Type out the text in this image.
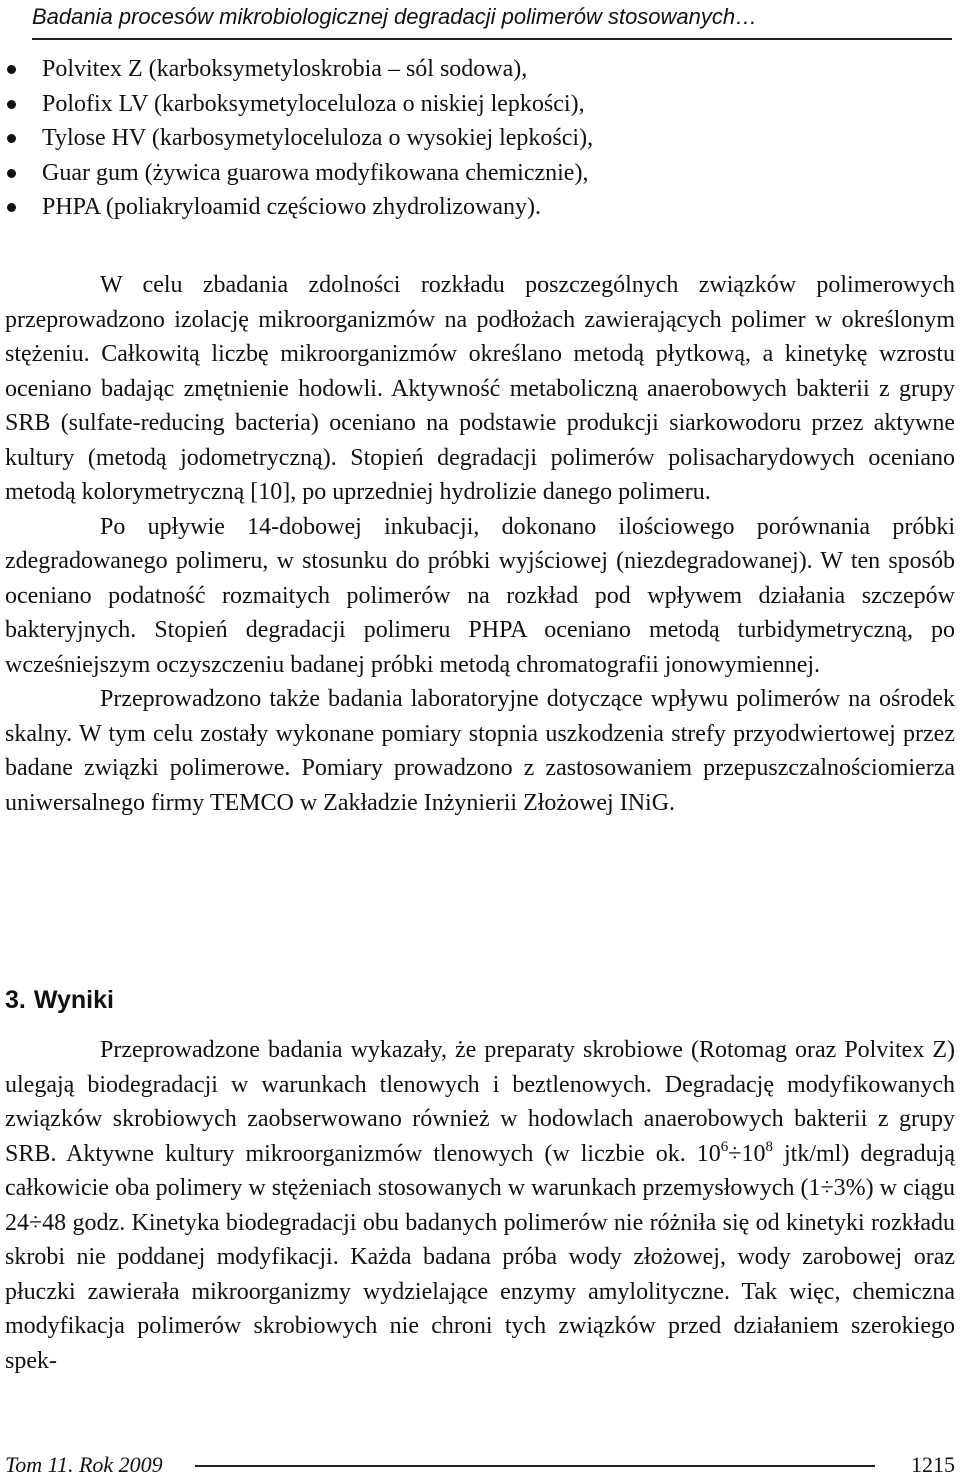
Badania procesów mikrobiologicznej degradacji polimerów stosowanych…
Polvitex Z (karboksymetyloskrobia – sól sodowa),
Polofix LV (karboksymetyloceluloza o niskiej lepkości),
Tylose HV (karbosymetyloceluloza o wysokiej lepkości),
Guar gum (żywica guarowa modyfikowana chemicznie),
PHPA (poliakryloamid częściowo zhydrolizowany).

W celu zbadania zdolności rozkładu poszczególnych związków polimerowych przeprowadzono izolację mikroorganizmów na podłożach zawierających polimer w określonym stężeniu. Całkowitą liczbę mikroorganizmów określano metodą płytkową, a kinetykę wzrostu oceniano badając zmętnienie hodowli. Aktywność metaboliczną anaerobowych bakterii z grupy SRB (sulfate-reducing bacteria) oceniano na podstawie produkcji siarkowodoru przez aktywne kultury (metodą jodometryczną). Stopień degradacji polimerów polisacharydowych oceniano metodą kolorymetryczną [10], po uprzedniej hydrolizie danego polimeru.

Po upływie 14-dobowej inkubacji, dokonano ilościowego porównania próbki zdegradowanego polimeru, w stosunku do próbki wyjściowej (niezdegradowanej). W ten sposób oceniano podatność rozmaitych polimerów na rozkład pod wpływem działania szczepów bakteryjnych. Stopień degradacji polimeru PHPA oceniano metodą turbidymetryczną, po wcześniejszym oczyszczeniu badanej próbki metodą chromatografii jonowymiennej.

Przeprowadzono także badania laboratoryjne dotyczące wpływu polimerów na ośrodek skalny. W tym celu zostały wykonane pomiary stopnia uszkodzenia strefy przyodwiertowej przez badane związki polimerowe. Pomiary prowadzono z zastosowaniem przepuszczalnościomierza uniwersalnego firmy TEMCO w Zakładzie Inżynierii Złożowej INiG.

3. Wyniki

Przeprowadzone badania wykazały, że preparaty skrobiowe (Rotomag oraz Polvitex Z) ulegają biodegradacji w warunkach tlenowych i beztlenowych. Degradację modyfikowanych związków skrobiowych zaobserwowano również w hodowlach anaerobowych bakterii z grupy SRB. Aktywne kultury mikroorganizmów tlenowych (w liczbie ok. $10^6\div 10^8$ jtk/ml) degradują całkowicie oba polimery w stężeniach stosowanych w warunkach przemysłowych (1÷3%) w ciągu 24÷48 godz. Kinetyka biodegradacji obu badanych polimerów nie różniła się od kinetyki rozkładu skrobi nie poddanej modyfikacji. Każda badana próba wody złożowej, wody zarobowej oraz płuczki zawierała mikroorganizmy wydzielające enzymy amylolityczne. Tak więc, chemiczna modyfikacja polimerów skrobiowych nie chroni tych związków przed działaniem szerokiego spek-

Tom 11. Rok 2009	1215
